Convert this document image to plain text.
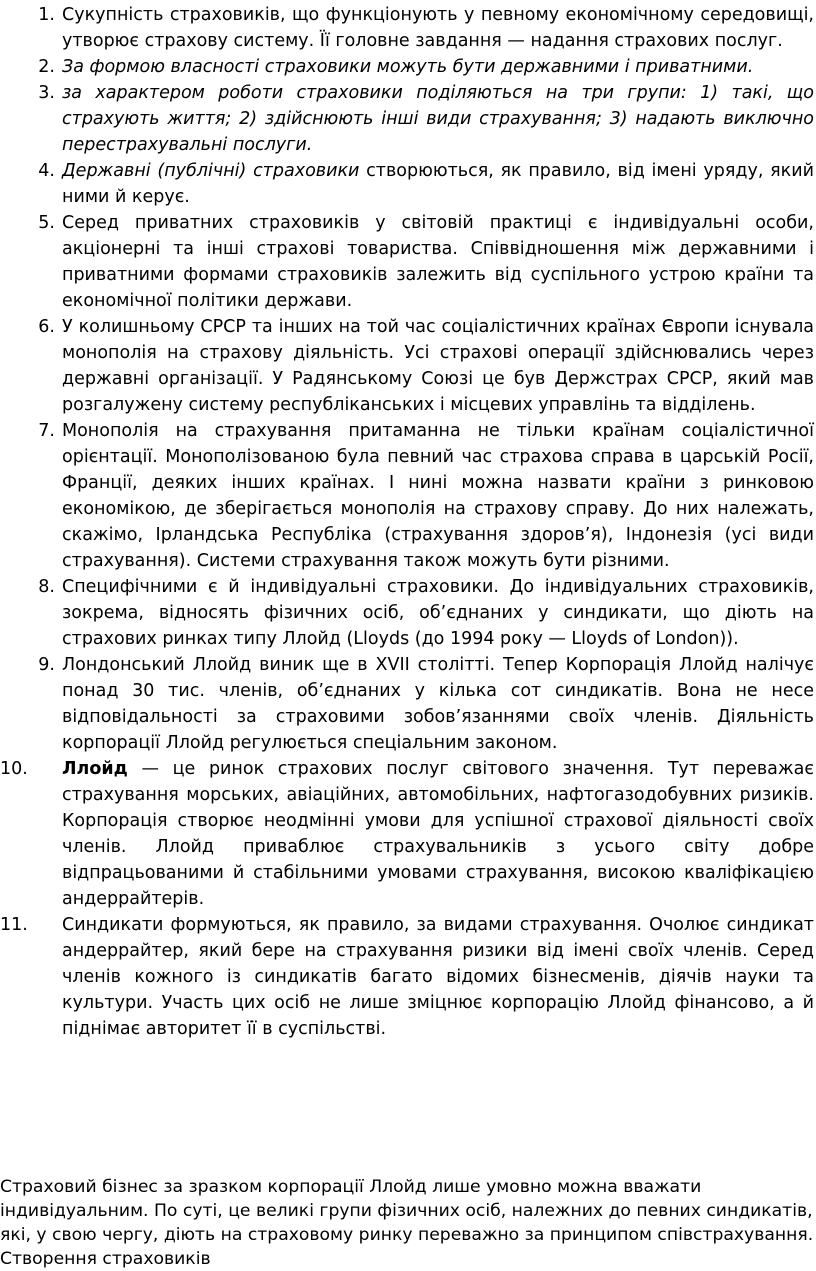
1. Сукупність страховиків, що функціонують у певному економічному середовищі, утворює страхову систему. Її головне завдання — надання страхових послуг.
2. За формою власності страховики можуть бути державними і приватними.
3. за характером роботи страховики поділяються на три групи: 1) такі, що страхують життя; 2) здійснюють інші види страхування; 3) надають виключно перестрахувальні послуги.
4. Державні (публічні) страховики створюються, як правило, від імені уряду, який ними й керує.
5. Серед приватних страховиків у світовій практиці є індивідуальні особи, акціонерні та інші страхові товариства. Співвідношення між державними і приватними формами страховиків залежить від суспільного устрою країни та економічної політики держави.
6. У колишньому СРСР та інших на той час соціалістичних країнах Європи існувала монополія на страхову діяльність. Усі страхові операції здійснювались через державні організації. У Радянському Союзі це був Держстрах СРСР, який мав розгалужену систему республіканських і місцевих управлінь та відділень.
7. Монополія на страхування притаманна не тільки країнам соціалістичної орієнтації. Монополізованою була певний час страхова справа в царській Росії, Франції, деяких інших країнах. І нині можна назвати країни з ринковою економікою, де зберігається монополія на страхову справу. До них належать, скажімо, Ірландська Республіка (страхування здоров’я), Індонезія (усі види страхування). Системи страхування також можуть бути різними.
8. Специфічними є й індивідуальні страховики. До індивідуальних страховиків, зокрема, відносять фізичних осіб, об’єднаних у синдикати, що діють на страхових ринках типу Ллойд (Lloyds (до 1994 року — Lloyds of London)).
9. Лондонський Ллойд виник ще в XVII столітті. Тепер Корпорація Ллойд налічує понад 30 тис. членів, об’єднаних у кілька сот синдикатів. Вона не несе відповідальності за страховими зобов’язаннями своїх членів. Діяльність корпорації Ллойд регулюється спеціальним законом.
10.	Ллойд — це ринок страхових послуг світового значення. Тут переважає страхування морських, авіаційних, автомобільних, нафтогазодобувних ризиків. Корпорація створює неодмінні умови для успішної страхової діяльності своїх членів. Ллойд приваблює страхувальників з усього світу добре відпрацьованими й стабільними умовами страхування, високою кваліфікацією андеррайтерів.
11.	Синдикати формуються, як правило, за видами страхування. Очолює синдикат андеррайтер, який бере на страхування ризики від імені своїх членів. Серед членів кожного із синдикатів багато відомих бізнесменів, діячів науки та культури. Участь цих осіб не лише зміцнює корпорацію Ллойд фінансово, а й піднімає авторитет її в суспільстві.

Страховий бізнес за зразком корпорації Ллойд лише умовно можна вважати індивідуальним. По суті, це великі групи фізичних осіб, належних до певних синдикатів, які, у свою чергу, діють на страховому ринку переважно за принципом співстрахування. Створення страховиків
